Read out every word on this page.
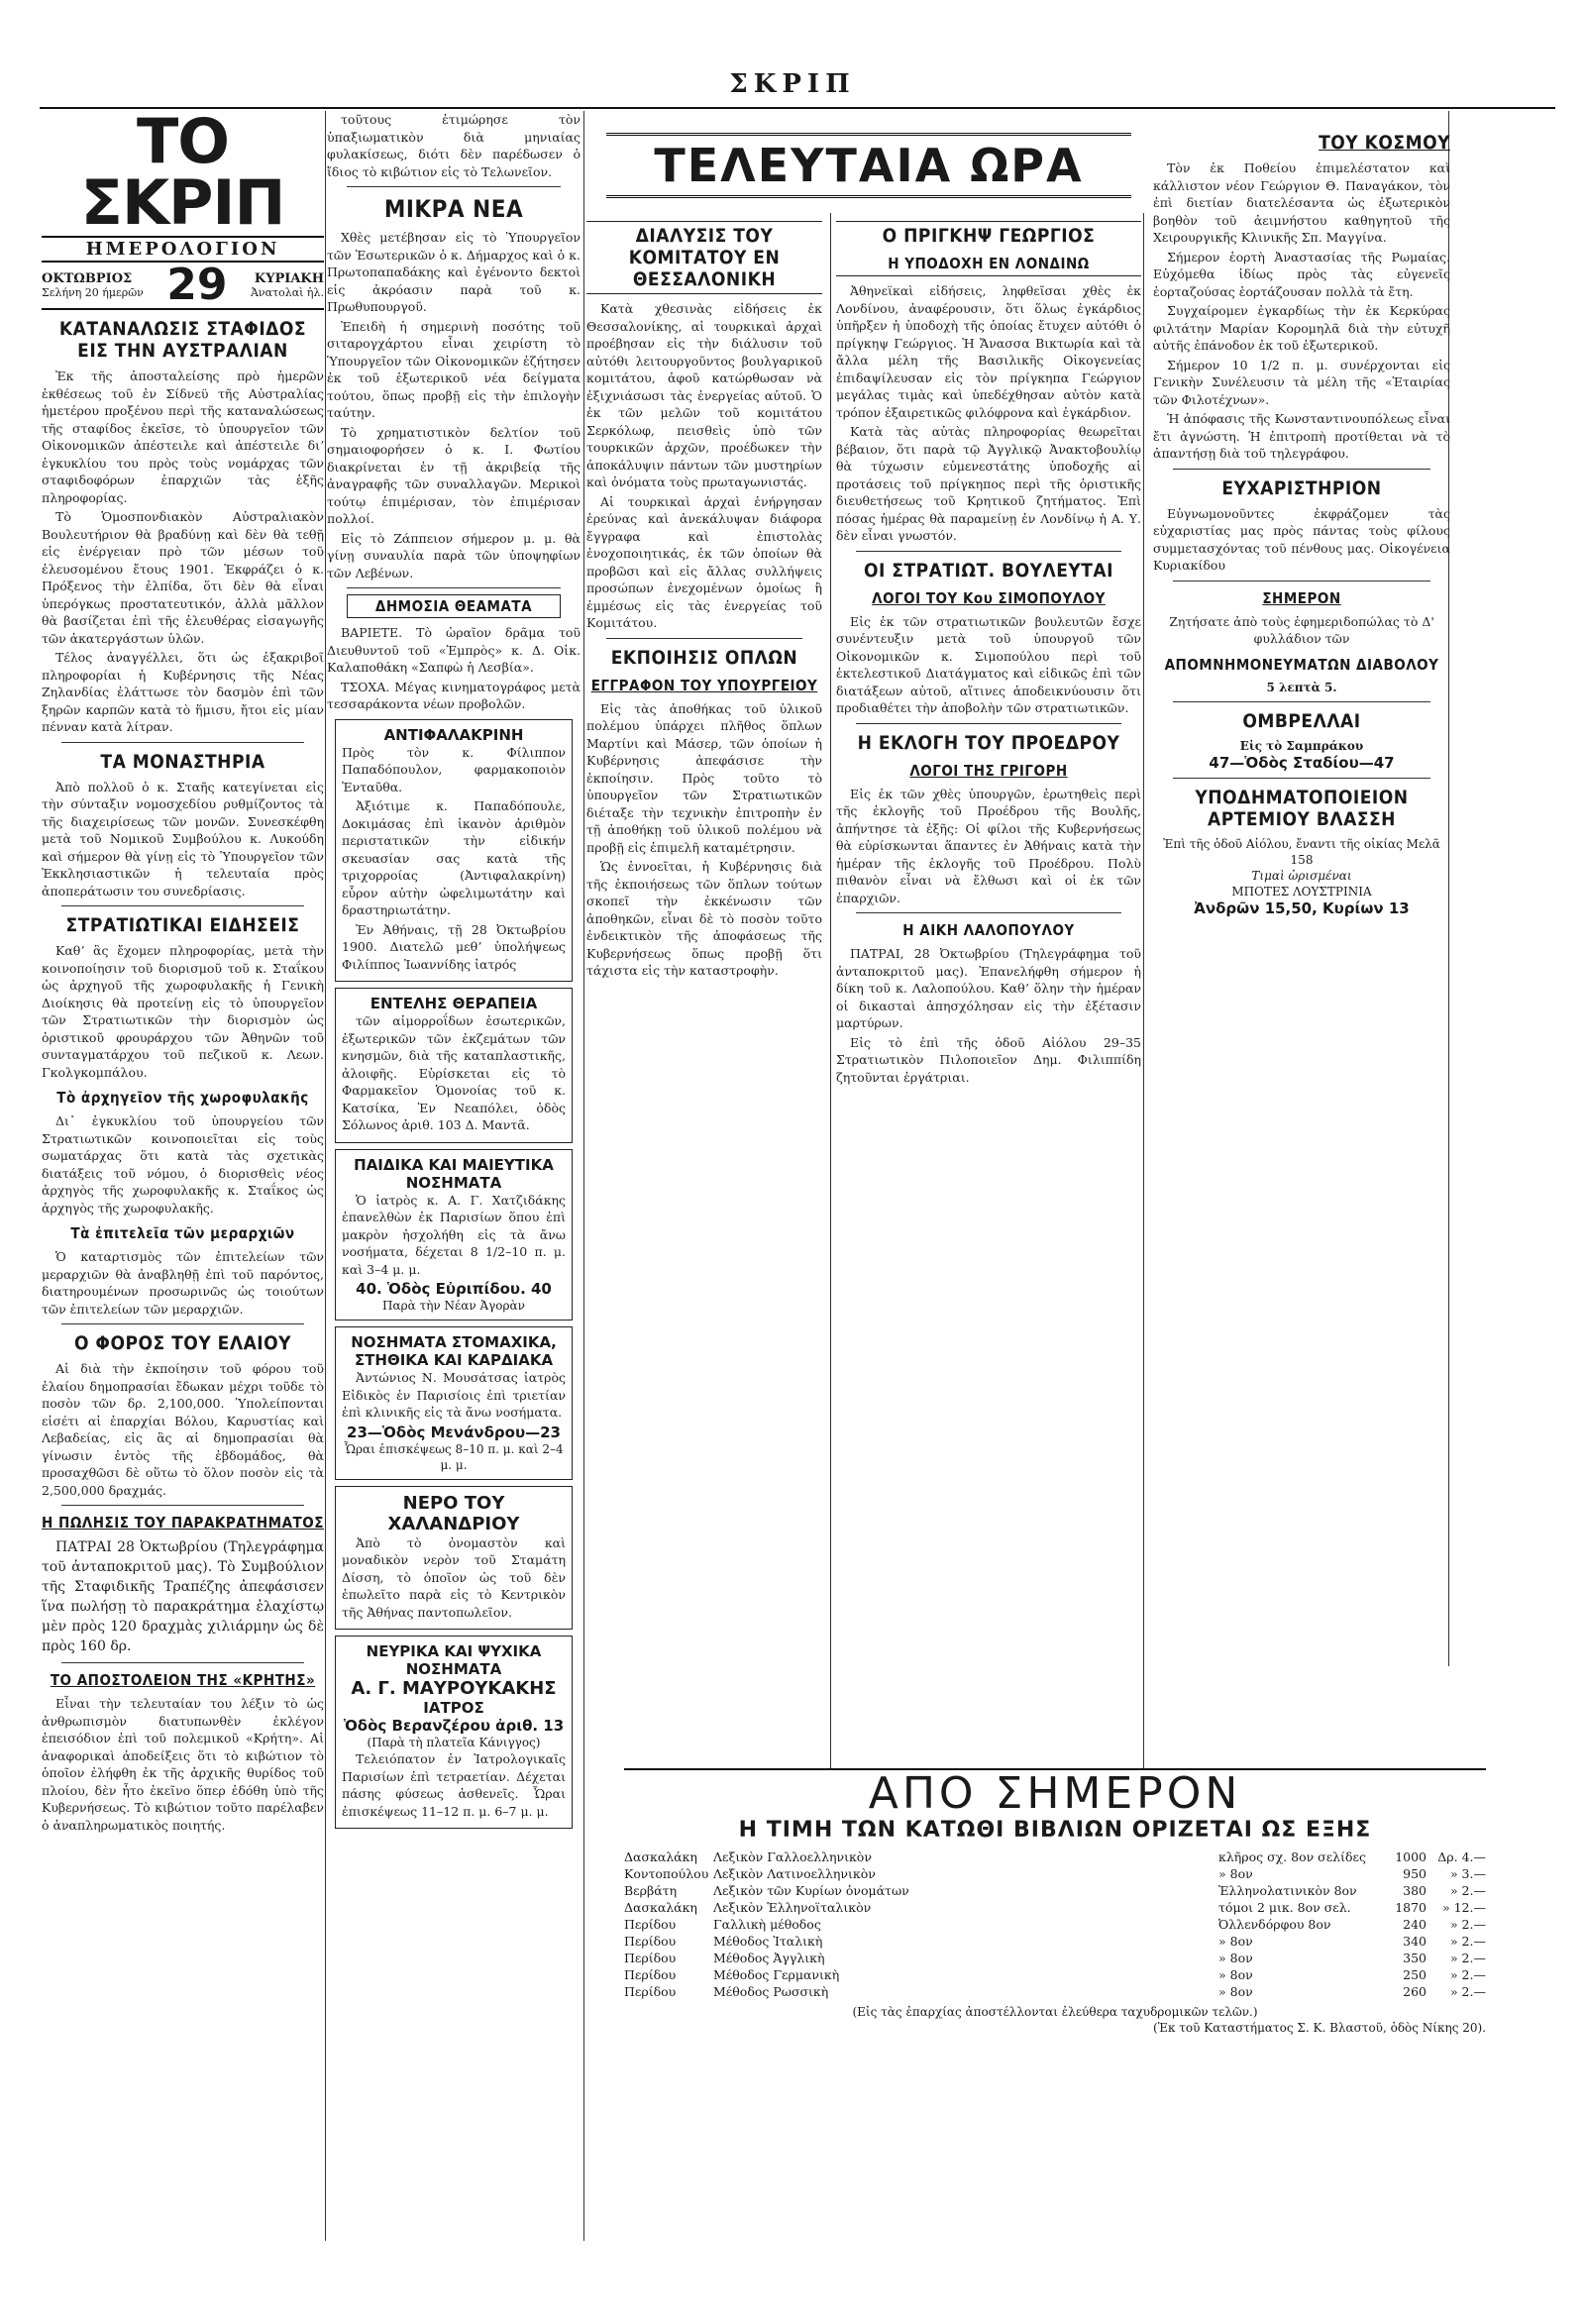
ΣΚΡΙΠ
ΤΟ ΣΚΡΙΠ
ΗΜΕΡΟΛΟΓΙΟΝ
ΟΚΤΩΒΡΙΟΣ
Σελήνη 20 ήμερῶν 29	ΚΥΡΙΑΚΗ
Ἀνατολαὶ ἡλ.
ΚΑΤΑΝΑΛΩΣΙΣ ΣΤΑΦΙΔΟΣ ΕΙΣ ΤΗΝ ΑΥΣΤΡΑΛΙΑΝ

Ἐκ τῆς ἀποσταλείσης πρὸ ἡμερῶν ἐκθέσεως τοῦ ἐν Σίδνεϋ τῆς Αὐστραλίας ἡμετέρου προξένου περὶ τῆς καταναλώσεως τῆς σταφίδος ἐκεῖσε, τὸ ὑπουργεῖον τῶν Οἰκονομικῶν ἀπέστειλε καὶ ἀπέστειλε διʼ ἐγκυκλίου του πρὸς τοὺς νομάρχας τῶν σταφιδοφόρων ἐπαρχιῶν τὰς ἑξῆς πληροφορίας.

Τὸ Ὁμοσπονδιακὸν Αὐστραλιακὸν Βουλευτήριον θὰ βραδύνῃ καὶ δὲν θὰ τεθῇ εἰς ἐνέργειαν πρὸ τῶν μέσων τοῦ ἐλευσομένου ἔτους 1901. Ἐκφράζει ὁ κ. Πρόξενος τὴν ἐλπίδα, ὅτι δὲν θὰ εἶναι ὑπερόγκως προστατευτικόν, ἀλλὰ μᾶλλον θὰ βασίζεται ἐπὶ τῆς ἐλευθέρας εἰσαγωγῆς τῶν ἀκατεργάστων ὑλῶν.

Τέλος ἀναγγέλλει, ὅτι ὡς ἐξακριβοῖ πληροφορίαι ἡ Κυβέρνησις τῆς Νέας Ζηλανδίας ἐλάττωσε τὸν δασμὸν ἐπὶ τῶν ξηρῶν καρπῶν κατὰ τὸ ἥμισυ, ἤτοι εἰς μίαν πένναν κατὰ λίτραν.

ΤΑ ΜΟΝΑΣΤΗΡΙΑ

Ἀπὸ πολλοῦ ὁ κ. Σταῆς κατεγίνεται εἰς τὴν σύνταξιν νομοσχεδίου ρυθμίζοντος τὰ τῆς διαχειρίσεως τῶν μονῶν. Συνεσκέφθη μετὰ τοῦ Νομικοῦ Συμβούλου κ. Λυκούδη καὶ σήμερον θὰ γίνῃ εἰς τὸ Ὑπουργεῖον τῶν Ἐκκλησιαστικῶν ἡ τελευταία πρὸς ἀποπεράτωσιν του συνεδρίασις.

ΣΤΡΑΤΙΩΤΙΚΑΙ ΕΙΔΗΣΕΙΣ

Καθʼ ἃς ἔχομεν πληροφορίας, μετὰ τὴν κοινοποίησιν τοῦ διορισμοῦ τοῦ κ. Σταΐκου ὡς ἀρχηγοῦ τῆς χωροφυλακῆς ἡ Γενικὴ Διοίκησις θὰ προτείνῃ εἰς τὸ ὑπουργεῖον τῶν Στρατιωτικῶν τὴν διορισμὸν ὡς ὁριστικοῦ φρουράρχου τῶν Ἀθηνῶν τοῦ συνταγματάρχου τοῦ πεζικοῦ κ. Λεων. Γκολγκομπάλου.

Τὸ ἀρχηγεῖον τῆς χωροφυλακῆς

Δι᾽ ἐγκυκλίου τοῦ ὑπουργείου τῶν Στρατιωτικῶν κοινοποιεῖται εἰς τοὺς σωματάρχας ὅτι κατὰ τὰς σχετικὰς διατάξεις τοῦ νόμου, ὁ διορισθεὶς νέος ἀρχηγὸς τῆς χωροφυλακῆς κ. Σταΐκος ὡς ἀρχηγὸς τῆς χωροφυλακῆς.

Τὰ ἐπιτελεῖα τῶν μεραρχιῶν

Ὁ καταρτισμὸς τῶν ἐπιτελείων τῶν μεραρχιῶν θὰ ἀναβληθῇ ἐπὶ τοῦ παρόντος, διατηρουμένων προσωρινῶς ὡς τοιούτων τῶν ἐπιτελείων τῶν μεραρχιῶν.

Ο ΦΟΡΟΣ ΤΟΥ ΕΛΑΙΟΥ

Αἱ διὰ τὴν ἐκποίησιν τοῦ φόρου τοῦ ἐλαίου δημοπρασίαι ἔδωκαν μέχρι τοῦδε τὸ ποσὸν τῶν δρ. 2,100,000. Ὑπολείπονται εἰσέτι αἱ ἐπαρχίαι Βόλου, Καρυστίας καὶ Λεβαδείας, εἰς ἃς αἱ δημοπρασίαι θὰ γίνωσιν ἐντὸς τῆς ἑβδομάδος, θὰ προσαχθῶσι δὲ οὕτω τὸ ὅλον ποσὸν εἰς τὰ 2,500,000 δραχμάς.

Η ΠΩΛΗΣΙΣ ΤΟΥ ΠΑΡΑΚΡΑΤΗΜΑΤΟΣ

ΠΑΤΡΑΙ 28 Ὀκτωβρίου (Τηλεγράφημα τοῦ ἀνταποκριτοῦ μας). Τὸ Συμβούλιον τῆς Σταφιδικῆς Τραπέζης ἀπεφάσισεν ἵνα πωλήσῃ τὸ παρακράτημα ἐλαχίστῳ μὲν πρὸς 120 δραχμὰς χιλιάρμην ὡς δὲ πρὸς 160 δρ.

ΤΟ ΑΠΟΣΤΟΛΕΙΟΝ ΤΗΣ «ΚΡΗΤΗΣ»

Εἶναι τὴν τελευταίαν του λέξιν τὸ ὡς ἀνθρωπισμὸν διατυπωνθὲν ἐκλέγον ἐπεισόδιον ἐπὶ τοῦ πολεμικοῦ «Κρήτη». Αἱ ἀναφορικαὶ ἀποδείξεις ὅτι τὸ κιβώτιον τὸ ὁποῖον ἐλήφθη ἐκ τῆς ἀρχικῆς θυρίδος τοῦ πλοίου, δὲν ἦτο ἐκεῖνο ὅπερ ἐδόθη ὑπὸ τῆς Κυβερνήσεως. Τὸ κιβώτιον τοῦτο παρέλαβεν ὁ ἀναπληρωματικὸς ποιητής.

τοῦτους ἐτιμώρησε τὸν ὑπαξιωματικὸν διὰ μηνιαίας φυλακίσεως, διότι δὲν παρέδωσεν ὁ ἴδιος τὸ κιβώτιον εἰς τὸ Τελωνεῖον.

ΜΙΚΡΑ ΝΕΑ

Χθὲς μετέβησαν εἰς τὸ Ὑπουργεῖον τῶν Ἐσωτερικῶν ὁ κ. Δήμαρχος καὶ ὁ κ. Πρωτοπαπαδάκης καὶ ἐγένοντο δεκτοὶ εἰς ἀκρόασιν παρὰ τοῦ κ. Πρωθυπουργοῦ.

Ἐπειδὴ ἡ σημερινὴ ποσότης τοῦ σιταρογχάρτου εἶναι χειρίστη τὸ Ὑπουργεῖον τῶν Οἰκονομικῶν ἐζήτησεν ἐκ τοῦ ἐξωτερικοῦ νέα δείγματα τούτου, ὅπως προβῇ εἰς τὴν ἐπιλογὴν ταύτην.

Τὸ χρηματιστικὸν δελτίον τοῦ σημαιοφορήσεν ὁ κ. Ι. Φωτίου διακρίνεται ἐν τῇ ἀκριβείᾳ τῆς ἀναγραφῆς τῶν συναλλαγῶν. Μερικοὶ τούτῳ ἐπιμέρισαν, τὸν ἐπιμέρισαν πολλοί.

Εἰς τὸ Ζάππειον σήμερον μ. μ. θὰ γίνῃ συναυλία παρὰ τῶν ὑποψηφίων τῶν Λεβένων.

ΔΗΜΟΣΙΑ ΘΕΑΜΑΤΑ

ΒΑΡΙΕΤΕ. Τὸ ὡραῖον δρᾶμα τοῦ Διευθυντοῦ τοῦ «Ἐμπρὸς» κ. Δ. Οἰκ. Καλαποθάκη «Σαπφὼ ἡ Λεσβία».

ΤΣΟΧΑ. Μέγας κινηματογράφος μετὰ τεσσαράκοντα νέων προβολῶν.

ΑΝΤΙΦΑΛΑΚΡΙΝΗ

Πρὸς τὸν κ. Φίλιππον Παπαδόπουλον, φαρμακοποιὸν Ἐνταῦθα.

Ἀξιότιμε κ. Παπαδόπουλε, Δοκιμάσας ἐπὶ ἱκανὸν ἀριθμὸν περιστατικῶν τὴν εἰδικήν σκευασίαν σας κατὰ τῆς τριχορροίας (Ἀντιφαλακρίνη) εὗρον αὐτὴν ὠφελιμωτάτην καὶ δραστηριωτάτην.

Ἐν Ἀθήναις, τῇ 28 Ὀκτωβρίου 1900. Διατελῶ μεθʼ ὑπολήψεως Φιλίππος Ἰωαννίδης ἰατρός

ΕΝΤΕΛΗΣ ΘΕΡΑΠΕΙΑ

τῶν αἱμορροΐδων ἐσωτερικῶν, ἐξωτερικῶν τῶν ἐκζεμάτων τῶν κνησμῶν, διὰ τῆς καταπλαστικῆς, ἀλοιφῆς. Εὑρίσκεται εἰς τὸ Φαρμακεῖον Ὁμονοίας τοῦ κ. Κατσίκα, Ἐν Νεαπόλει, ὁδὸς Σόλωνος ἀριθ. 103 Δ. Μαντᾶ.

ΠΑΙΔΙΚΑ ΚΑΙ ΜΑΙΕΥΤΙΚΑ ΝΟΣΗΜΑΤΑ

Ὁ ἰατρὸς κ. Α. Γ. Χατζιδάκης ἐπανελθὼν ἐκ Παρισίων ὅπου ἐπὶ μακρὸν ἠσχολήθη εἰς τὰ ἄνω νοσήματα, δέχεται 8 1/2–10 π. μ. καὶ 3–4 μ. μ.

40. Ὁδὸς Εὐριπίδου. 40
Παρὰ τὴν Νέαν Ἀγορὰν
ΝΟΣΗΜΑΤΑ ΣΤΟΜΑΧΙΚΑ, ΣΤΗΘΙΚΑ ΚΑΙ ΚΑΡΔΙΑΚΑ

Ἀντώνιος Ν. Μουσάτσας ἰατρὸς Εἰδικὸς ἐν Παρισίοις ἐπὶ τριετίαν ἐπὶ κλινικῆς εἰς τὰ ἄνω νοσήματα.

23—Ὁδὸς Μενάνδρου—23
Ὧραι ἐπισκέψεως 8–10 π. μ. καὶ 2–4 μ. μ.
ΝΕΡΟ ΤΟΥ ΧΑΛΑΝΔΡΙΟΥ

Ἀπὸ τὸ ὀνομαστὸν καὶ μοναδικὸν νερὸν τοῦ Σταμάτη Δίσση, τὸ ὁποῖον ὡς τοῦ δὲν ἐπωλεῖτο παρὰ εἰς τὸ Κεντρικὸν τῆς Ἀθήνας παντοπωλεῖον.

ΝΕΥΡΙΚΑ ΚΑΙ ΨΥΧΙΚΑ ΝΟΣΗΜΑΤΑ
Α. Γ. ΜΑΥΡΟΥΚΑΚΗΣ
ΙΑΤΡΟΣ
Ὁδὸς Βερανζέρου ἀριθ. 13
(Παρὰ τὴ πλατεῖα Κάνιγγος)

Τελειόπατον ἐν Ἰατρολογικαῖς Παρισίων ἐπὶ τετραετίαν. Δέχεται πάσης φύσεως ἀσθενεῖς. Ὧραι ἐπισκέψεως 11–12 π. μ. 6–7 μ. μ.

ΤΕΛΕΥΤΑΙΑ ΩΡΑ
ΔΙΑΛΥΣΙΣ ΤΟΥ ΚΟΜΙΤΑΤΟΥ ΕΝ ΘΕΣΣΑΛΟΝΙΚΗ

Κατὰ χθεσινὰς εἰδήσεις ἐκ Θεσσαλονίκης, αἱ τουρκικαὶ ἀρχαὶ προέβησαν εἰς τὴν διάλυσιν τοῦ αὐτόθι λειτουργοῦντος βουλγαρικοῦ κομιτάτου, ἀφοῦ κατώρθωσαν νὰ ἐξιχνιάσωσι τὰς ἐνεργείας αὐτοῦ. Ὁ ἐκ τῶν μελῶν τοῦ κομιτάτου Σερκόλωφ, πεισθεὶς ὑπὸ τῶν τουρκικῶν ἀρχῶν, προέδωκεν τὴν ἀποκάλυψιν πάντων τῶν μυστηρίων καὶ ὀνόματα τοὺς πρωταγωνιστάς.

Αἱ τουρκικαὶ ἀρχαὶ ἐνήργησαν ἐρεύνας καὶ ἀνεκάλυψαν διάφορα ἔγγραφα καὶ ἐπιστολὰς ἐνοχοποιητικάς, ἐκ τῶν ὁποίων θὰ προβῶσι καὶ εἰς ἄλλας συλλήψεις προσώπων ἐνεχομένων ὁμοίως ἢ ἐμμέσως εἰς τὰς ἐνεργείας τοῦ Κομιτάτου.

ΕΚΠΟΙΗΣΙΣ ΟΠΛΩΝ
ΕΓΓΡΑΦΟΝ ΤΟΥ ΥΠΟΥΡΓΕΙΟΥ

Εἰς τὰς ἀποθήκας τοῦ ὑλικοῦ πολέμου ὑπάρχει πλῆθος ὅπλων Μαρτίνι καὶ Μάσερ, τῶν ὁποίων ἡ Κυβέρνησις ἀπεφάσισε τὴν ἐκποίησιν. Πρὸς τοῦτο τὸ ὑπουργεῖον τῶν Στρατιωτικῶν διέταξε τὴν τεχνικὴν ἐπιτροπὴν ἐν τῇ ἀποθήκῃ τοῦ ὑλικοῦ πολέμου νὰ προβῇ εἰς ἐπιμελῆ καταμέτρησιν.

Ὡς ἐννοεῖται, ἡ Κυβέρνησις διὰ τῆς ἐκποιήσεως τῶν ὅπλων τούτων σκοπεῖ τὴν ἐκκένωσιν τῶν ἀποθηκῶν, εἶναι δὲ τὸ ποσὸν τοῦτο ἐνδεικτικὸν τῆς ἀποφάσεως τῆς Κυβερνήσεως ὅπως προβῇ ὅτι τάχιστα εἰς τὴν καταστροφὴν.

Ο ΠΡΙΓΚΗΨ ΓΕΩΡΓΙΟΣ
Η ΥΠΟΔΟΧΗ ΕΝ ΛΟΝΔΙΝΩ

Ἀθηνεϊκαὶ εἰδήσεις, ληφθεῖσαι χθὲς ἐκ Λονδίνου, ἀναφέρουσιν, ὅτι ὅλως ἐγκάρδιος ὑπῆρξεν ἡ ὑποδοχὴ τῆς ὁποίας ἔτυχεν αὐτόθι ὁ πρίγκηψ Γεώργιος. Ἡ Ἄνασσα Βικτωρία καὶ τὰ ἄλλα μέλη τῆς Βασιλικῆς Οἰκογενείας ἐπιδαψίλευσαν εἰς τὸν πρίγκηπα Γεώργιον μεγάλας τιμὰς καὶ ὑπεδέχθησαν αὐτὸν κατὰ τρόπον ἐξαιρετικῶς φιλόφρονα καὶ ἐγκάρδιον.

Κατὰ τὰς αὐτὰς πληροφορίας θεωρεῖται βέβαιον, ὅτι παρὰ τῷ Ἀγγλικῷ Ἀνακτοβουλίῳ θὰ τύχωσιν εὐμενεστάτης ὑποδοχῆς αἱ προτάσεις τοῦ πρίγκηπος περὶ τῆς ὁριστικῆς διευθετήσεως τοῦ Κρητικοῦ ζητήματος. Ἐπὶ πόσας ἡμέρας θὰ παραμείνῃ ἐν Λονδίνῳ ἡ Α. Υ. δὲν εἶναι γνωστόν.

ΟΙ ΣΤΡΑΤΙΩΤ. ΒΟΥΛΕΥΤΑΙ
ΛΟΓΟΙ ΤΟΥ Κου ΣΙΜΟΠΟΥΛΟΥ

Εἰς ἐκ τῶν στρατιωτικῶν βουλευτῶν ἔσχε συνέντευξιν μετὰ τοῦ ὑπουργοῦ τῶν Οἰκονομικῶν κ. Σιμοπούλου περὶ τοῦ ἐκτελεστικοῦ Διατάγματος καὶ εἰδικῶς ἐπὶ τῶν διατάξεων αὐτοῦ, αἵτινες ἀποδεικνύουσιν ὅτι προδιαθέτει τὴν ἀποβολὴν τῶν στρατιωτικῶν.

Η ΕΚΛΟΓΗ ΤΟΥ ΠΡΟΕΔΡΟΥ
ΛΟΓΟΙ ΤΗΣ ΓΡΙΓΟΡΗ

Εἰς ἐκ τῶν χθὲς ὑπουργῶν, ἐρωτηθεὶς περὶ τῆς ἐκλογῆς τοῦ Προέδρου τῆς Βουλῆς, ἀπήντησε τὰ ἑξῆς: Οἱ φίλοι τῆς Κυβερνήσεως θὰ εὑρίσκωνται ἅπαντες ἐν Ἀθήναις κατὰ τὴν ἡμέραν τῆς ἐκλογῆς τοῦ Προέδρου. Πολὺ πιθανὸν εἶναι νὰ ἔλθωσι καὶ οἱ ἐκ τῶν ἐπαρχιῶν.

Η ΑΙΚΗ ΛΑΛΟΠΟΥΛΟΥ

ΠΑΤΡΑΙ, 28 Ὀκτωβρίου (Τηλεγράφημα τοῦ ἀνταποκριτοῦ μας). Ἐπανελήφθη σήμερον ἡ δίκη τοῦ κ. Λαλοπούλου. Καθʼ ὅλην τὴν ἡμέραν οἱ δικασταὶ ἀπησχόλησαν εἰς τὴν ἐξέτασιν μαρτύρων.

Εἰς τὸ ἐπὶ τῆς ὁδοῦ Αἰόλου 29–35 Στρατιωτικὸν Πιλοποιεῖον Δημ. Φιλιππίδη ζητοῦνται ἐργάτριαι.

ΤΟΥ ΚΟΣΜΟΥ

Τὸν ἐκ Ποθείου ἐπιμελέστατον καὶ κάλλιστον νέον Γεώργιον Θ. Παναγάκον, τὸν ἐπὶ διετίαν διατελέσαντα ὡς ἐξωτερικὸν βοηθὸν τοῦ ἀειμνήστου καθηγητοῦ τῆς Χειρουργικῆς Κλινικῆς Σπ. Μαγγίνα.

Σήμερον ἑορτὴ Ἀναστασίας τῆς Ρωμαίας. Εὐχόμεθα ἰδίως πρὸς τὰς εὐγενεῖς ἑορταζούσας ἑορτάζουσαν πολλὰ τὰ ἔτη.

Συγχαίρομεν ἐγκαρδίως τὴν ἐκ Κερκύρας φιλτάτην Μαρίαν Κορομηλᾶ διὰ τὴν εὐτυχῆ αὐτῆς ἐπάνοδον ἐκ τοῦ ἐξωτερικοῦ.

Σήμερον 10 1/2 π. μ. συνέρχονται εἰς Γενικὴν Συνέλευσιν τὰ μέλη τῆς «Ἑταιρίας τῶν Φιλοτέχνων».

Ἡ ἀπόφασις τῆς Κωνσταντινουπόλεως εἶναι ἔτι ἀγνώστη. Ἡ ἐπιτροπὴ προτίθεται νὰ τὸ ἀπαντήσῃ διὰ τοῦ τηλεγράφου.

ΕΥΧΑΡΙΣΤΗΡΙΟΝ

Εὐγνωμονοῦντες ἐκφράζομεν τὰς εὐχαριστίας μας πρὸς πάντας τοὺς φίλους συμμετασχόντας τοῦ πένθους μας. Οἰκογένεια Κυριακίδου

ΣΗΜΕΡΟΝ

Ζητήσατε ἀπὸ τοὺς ἐφημεριδοπώλας τὸ Δ' φυλλάδιον τῶν

ΑΠΟΜΝΗΜΟΝΕΥΜΑΤΩΝ ΔΙΑΒΟΛΟΥ
5 λεπτὰ 5.
ΟΜΒΡΕΛΛΑΙ
Εἰς τὸ Σαμπράκου
47—Ὁδὸς Σταδίου—47
ΥΠΟΔΗΜΑΤΟΠΟΙΕΙΟΝ ΑΡΤΕΜΙΟΥ ΒΛΑΣΣΗ
Ἐπὶ τῆς ὁδοῦ Αἰόλου, ἔναντι τῆς οἰκίας Μελᾶ 158
Τιμαὶ ὡρισμέναι
ΜΠΟΤΕΣ ΛΟΥΣΤΡΙΝΙΑ
Ἀνδρῶν 15,50, Κυρίων 13
ΑΠΟ ΣΗΜΕΡΟΝ
Η ΤΙΜΗ ΤΩΝ ΚΑΤΩΘΙ ΒΙΒΛΙΩΝ ΟΡΙΖΕΤΑΙ ΩΣ ΕΞΗΣ
Δασκαλάκη	Λεξικὸν Γαλλοελληνικὸν	κλῆρος σχ. 8ον σελίδες	1000 Δρ. 4.—
Κοντοπούλου Λεξικὸν Λατινοελληνικὸν	» 8ον	950	» 3.—
Βερβάτη	Λεξικὸν τῶν Κυρίων ὀνομάτων	Ἑλληνολατινικὸν 8ον	380	» 2.—
Δασκαλάκη	Λεξικὸν Ἑλληνοϊταλικὸν	τόμοι 2 μικ. 8ον σελ.	1870	» 12.—
Περίδου	Γαλλικὴ μέθοδος	Ὀλλενδόρφου 8ον	240	» 2.—
Περίδου	Μέθοδος Ἰταλικὴ	» 8ον	340	» 2.—
Περίδου	Μέθοδος Ἀγγλικὴ	» 8ον	350	» 2.—
Περίδου	Μέθοδος Γερμανικὴ	» 8ον	250	» 2.—
Περίδου	Μέθοδος Ρωσσικὴ	» 8ον	260	» 2.—
(Εἰς τὰς ἐπαρχίας ἀποστέλλονται ἐλεύθερα ταχυδρομικῶν τελῶν.)
(Ἐκ τοῦ Καταστήματος Σ. Κ. Βλαστοῦ, ὁδὸς Νίκης 20).
